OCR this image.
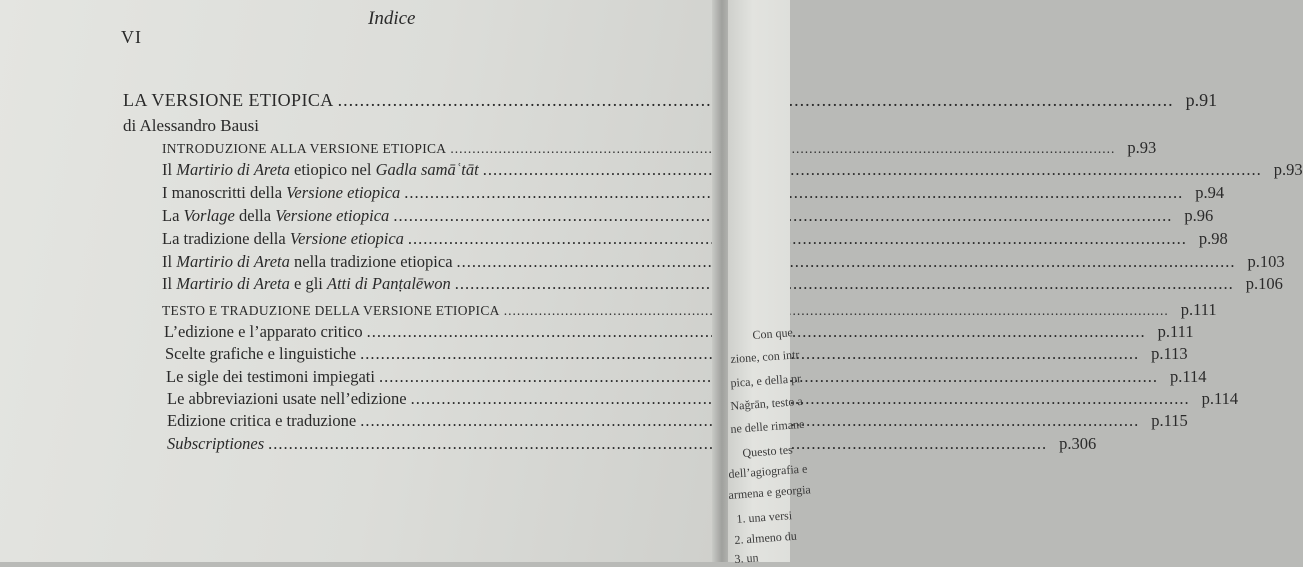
Indice
VI
LA VERSIONE ETIOPICA .....	p. 91
di Alessandro Bausi
INTRODUZIONE ALLA VERSIONE ETIOPICA .....	p. 93
Il Martirio di Areta etiopico nel Gadla samāʿtāt .....	p. 93
I manoscritti della Versione etiopica .....	p. 94
La Vorlage della Versione etiopica .....	p. 96
La tradizione della Versione etiopica .....	p. 98
Il Martirio di Areta nella tradizione etiopica .....	p. 103
Il Martirio di Areta e gli Atti di Panṭalēwon .....	p. 106
TESTO E TRADUZIONE DELLA VERSIONE ETIOPICA .....	p. 111
L’edizione e l’apparato critico .....	p. 111
Scelte grafiche e linguistiche .....	p. 113
Le sigle dei testimoni impiegati .....	p. 114
Le abbreviazioni usate nell’edizione .....	p. 114
Edizione critica e traduzione .....	p. 115
Subscriptiones .....	p. 306
Con que
zione, con intr
pica, e della pr
Naǧrān, testo a
ne delle rimane
Questo tes
dell’agiografia e
armena e georgia
1. una versi
2. almeno du
3. un
